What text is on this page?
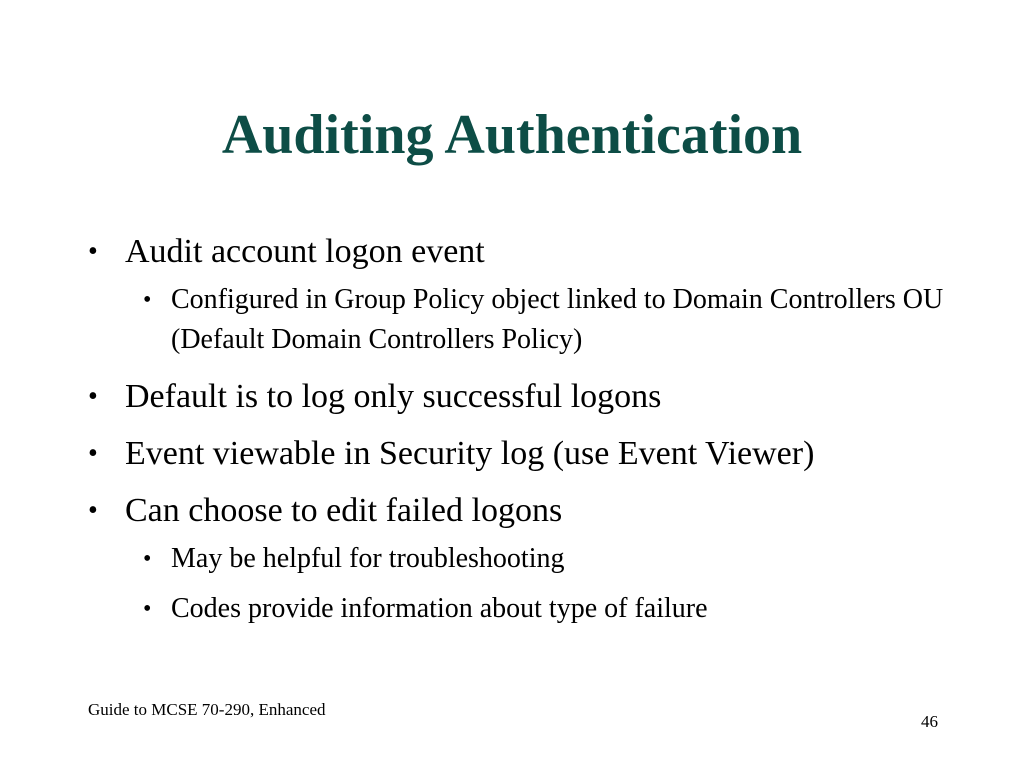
Auditing Authentication
• Audit account logon event
• Configured in Group Policy object linked to Domain Controllers OU (Default Domain Controllers Policy)
• Default is to log only successful logons
• Event viewable in Security log (use Event Viewer)
• Can choose to edit failed logons
• May be helpful for troubleshooting
• Codes provide information about type of failure
Guide to MCSE 70-290, Enhanced
46
